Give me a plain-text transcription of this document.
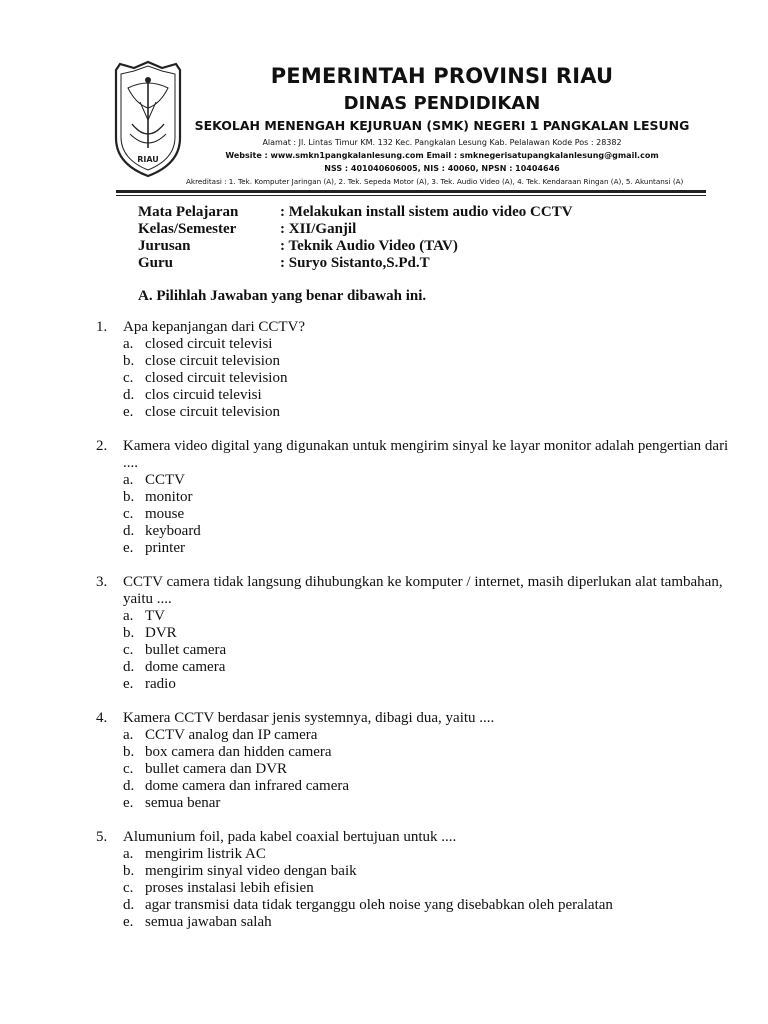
RIAU
PEMERINTAH PROVINSI RIAU
DINAS PENDIDIKAN
SEKOLAH MENENGAH KEJURUAN (SMK) NEGERI 1 PANGKALAN LESUNG
Alamat : Jl. Lintas Timur KM. 132 Kec. Pangkalan Lesung Kab. Pelalawan Kode Pos : 28382
Website : www.smkn1pangkalanlesung.com Email : smknegerisatupangkalanlesung@gmail.com
NSS : 401040606005, NIS : 40060, NPSN : 10404646
Akreditasi : 1. Tek. Komputer Jaringan (A), 2. Tek. Sepeda Motor (A), 3. Tek. Audio Video (A), 4. Tek. Kendaraan Ringan (A), 5. Akuntansi (A)
Mata Pelajaran	: Melakukan install sistem audio video CCTV
Kelas/Semester	: XII/Ganjil
Jurusan	: Teknik Audio Video (TAV)
Guru	: Suryo Sistanto,S.Pd.T
A. Pilihlah Jawaban yang benar dibawah ini.
1. Apa kepanjangan dari CCTV?
a. closed circuit televisi
b. close circuit television
c. closed circuit television
d. clos circuid televisi
e. close circuit television
2. Kamera video digital yang digunakan untuk mengirim sinyal ke layar monitor adalah pengertian dari ....
a. CCTV
b. monitor
c. mouse
d. keyboard
e. printer
3. CCTV camera tidak langsung dihubungkan ke komputer / internet, masih diperlukan alat tambahan, yaitu ....
a. TV
b. DVR
c. bullet camera
d. dome camera
e. radio
4. Kamera CCTV berdasar jenis systemnya, dibagi dua, yaitu ....
a. CCTV analog dan IP camera
b. box camera dan hidden camera
c. bullet camera dan DVR
d. dome camera dan infrared camera
e. semua benar
5. Alumunium foil, pada kabel coaxial bertujuan untuk ....
a. mengirim listrik AC
b. mengirim sinyal video dengan baik
c. proses instalasi lebih efisien
d. agar transmisi data tidak terganggu oleh noise yang disebabkan oleh peralatan
e. semua jawaban salah
